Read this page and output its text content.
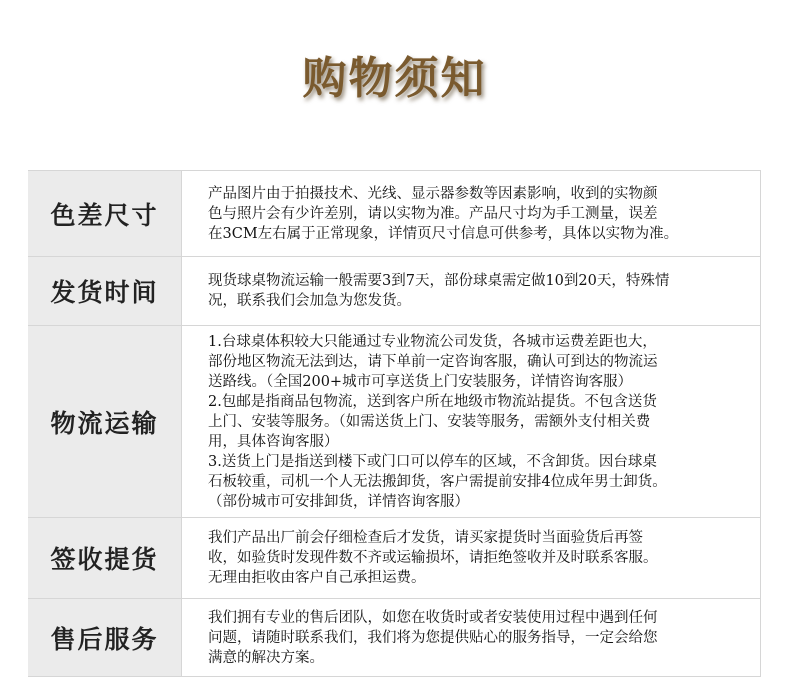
购物须知
色差尺寸
产品图片由于拍摄技术、光线、显示器参数等因素影响，收到的实物颜
色与照片会有少许差别，请以实物为准。产品尺寸均为手工测量，误差
在3CM左右属于正常现象，详情页尺寸信息可供参考，具体以实物为准。
发货时间	现货球桌物流运输一般需要3到7天，部份球桌需定做10到20天，特殊情
况，联系我们会加急为您发货。
物流运输
1.台球桌体积较大只能通过专业物流公司发货，各城市运费差距也大，
部份地区物流无法到达，请下单前一定咨询客服，确认可到达的物流运
送路线。（全国200+城市可享送货上门安装服务，详情咨询客服）
2.包邮是指商品包物流，送到客户所在地级市物流站提货。不包含送货
上门、安装等服务。（如需送货上门、安装等服务，需额外支付相关费
用，具体咨询客服）
3.送货上门是指送到楼下或门口可以停车的区域，不含卸货。因台球桌
石板较重，司机一个人无法搬卸货，客户需提前安排4位成年男士卸货。
（部份城市可安排卸货，详情咨询客服）
签收提货
我们产品出厂前会仔细检查后才发货，请买家提货时当面验货后再签
收，如验货时发现件数不齐或运输损坏，请拒绝签收并及时联系客服。
无理由拒收由客户自己承担运费。
售后服务
我们拥有专业的售后团队，如您在收货时或者安装使用过程中遇到任何
问题，请随时联系我们，我们将为您提供贴心的服务指导，一定会给您
满意的解决方案。
